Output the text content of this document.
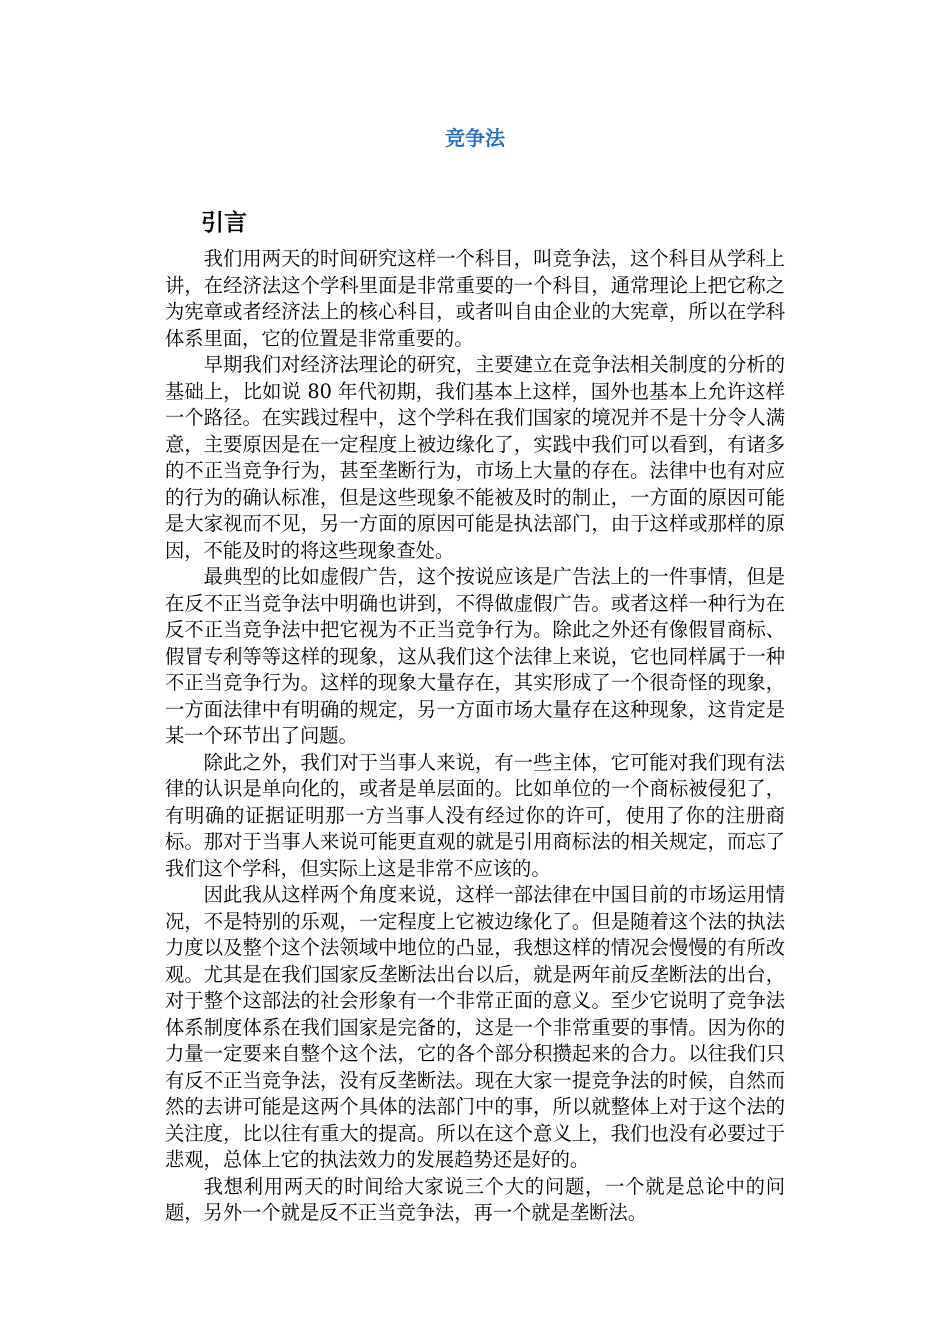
竞争法
引言

我们用两天的时间研究这样一个科目，叫竞争法，这个科目从学科上讲，在经济法这个学科里面是非常重要的一个科目，通常理论上把它称之为宪章或者经济法上的核心科目，或者叫自由企业的大宪章，所以在学科体系里面，它的位置是非常重要的。

早期我们对经济法理论的研究，主要建立在竞争法相关制度的分析的基础上，比如说 80 年代初期，我们基本上这样，国外也基本上允许这样一个路径。在实践过程中，这个学科在我们国家的境况并不是十分令人满意，主要原因是在一定程度上被边缘化了，实践中我们可以看到，有诸多的不正当竞争行为，甚至垄断行为，市场上大量的存在。法律中也有对应的行为的确认标准，但是这些现象不能被及时的制止，一方面的原因可能是大家视而不见，另一方面的原因可能是执法部门，由于这样或那样的原因，不能及时的将这些现象查处。

最典型的比如虚假广告，这个按说应该是广告法上的一件事情，但是在反不正当竞争法中明确也讲到，不得做虚假广告。或者这样一种行为在反不正当竞争法中把它视为不正当竞争行为。除此之外还有像假冒商标、假冒专利等等这样的现象，这从我们这个法律上来说，它也同样属于一种不正当竞争行为。这样的现象大量存在，其实形成了一个很奇怪的现象，一方面法律中有明确的规定，另一方面市场大量存在这种现象，这肯定是某一个环节出了问题。

除此之外，我们对于当事人来说，有一些主体，它可能对我们现有法律的认识是单向化的，或者是单层面的。比如单位的一个商标被侵犯了，有明确的证据证明那一方当事人没有经过你的许可，使用了你的注册商标。那对于当事人来说可能更直观的就是引用商标法的相关规定，而忘了我们这个学科，但实际上这是非常不应该的。

因此我从这样两个角度来说，这样一部法律在中国目前的市场运用情况，不是特别的乐观，一定程度上它被边缘化了。但是随着这个法的执法力度以及整个这个法领域中地位的凸显，我想这样的情况会慢慢的有所改观。尤其是在我们国家反垄断法出台以后，就是两年前反垄断法的出台，对于整个这部法的社会形象有一个非常正面的意义。至少它说明了竞争法体系制度体系在我们国家是完备的，这是一个非常重要的事情。因为你的力量一定要来自整个这个法，它的各个部分积攒起来的合力。以往我们只有反不正当竞争法，没有反垄断法。现在大家一提竞争法的时候，自然而然的去讲可能是这两个具体的法部门中的事，所以就整体上对于这个法的关注度，比以往有重大的提高。所以在这个意义上，我们也没有必要过于悲观，总体上它的执法效力的发展趋势还是好的。

我想利用两天的时间给大家说三个大的问题，一个就是总论中的问题，另外一个就是反不正当竞争法，再一个就是垄断法。
